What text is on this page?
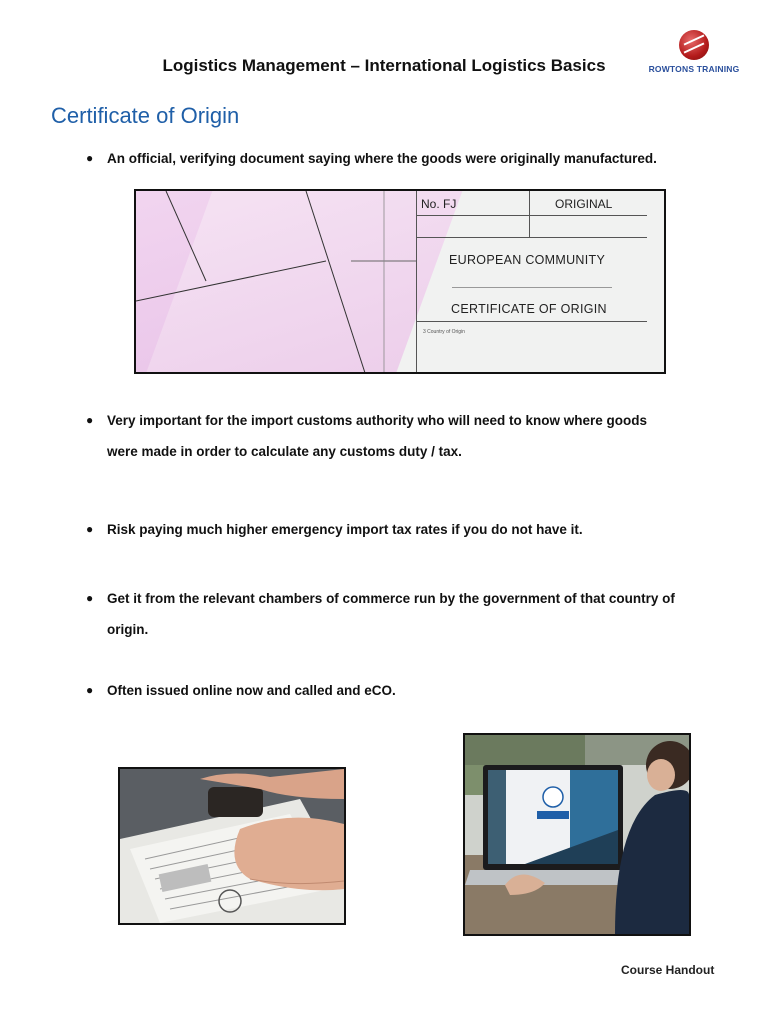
Logistics Management – International Logistics Basics	ROWTONS TRAINING
Certificate of Origin
● An official, verifying document saying where the goods were originally manufactured.
No. FJ	ORIGINAL
EUROPEAN COMMUNITY
CERTIFICATE OF ORIGIN
3 Country of Origin
● Very important for the import customs authority who will need to know where goods
were made in order to calculate any customs duty / tax.
● Risk paying much higher emergency import tax rates if you do not have it.
● Get it from the relevant chambers of commerce run by the government of that country of
origin.
● Often issued online now and called and eCO.
Course Handout
